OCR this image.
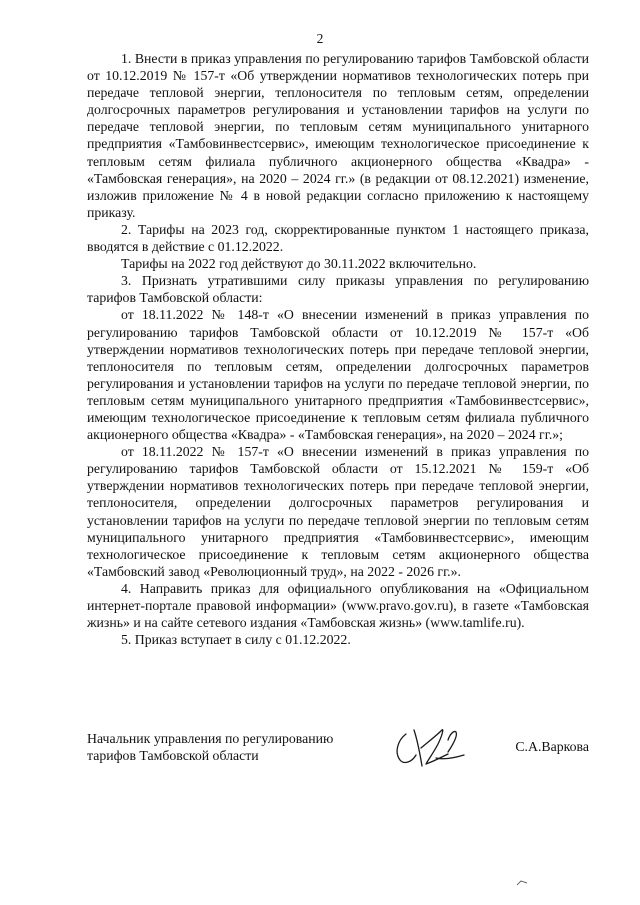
2

1. Внести в приказ управления по регулированию тарифов Тамбовской области от 10.12.2019 № 157-т «Об утверждении нормативов технологических потерь при передаче тепловой энергии, теплоносителя по тепловым сетям, определении долгосрочных параметров регулирования и установлении тарифов на услуги по передаче тепловой энергии, по тепловым сетям муниципального унитарного предприятия «Тамбовинвестсервис», имеющим технологическое присоединение к тепловым сетям филиала публичного акционерного общества «Квадра» - «Тамбовская генерация», на 2020 – 2024 гг.» (в редакции от 08.12.2021) изменение, изложив приложение № 4 в новой редакции согласно приложению к настоящему приказу.

2. Тарифы на 2023 год, скорректированные пунктом 1 настоящего приказа, вводятся в действие с 01.12.2022.

Тарифы на 2022 год действуют до 30.11.2022 включительно.

3. Признать утратившими силу приказы управления по регулированию тарифов Тамбовской области:

от 18.11.2022 № 148-т «О внесении изменений в приказ управления по регулированию тарифов Тамбовской области от 10.12.2019 № 157-т «Об утверждении нормативов технологических потерь при передаче тепловой энергии, теплоносителя по тепловым сетям, определении долгосрочных параметров регулирования и установлении тарифов на услуги по передаче тепловой энергии, по тепловым сетям муниципального унитарного предприятия «Тамбовинвестсервис», имеющим технологическое присоединение к тепловым сетям филиала публичного акционерного общества «Квадра» - «Тамбовская генерация», на 2020 – 2024 гг.»;

от 18.11.2022 № 157-т «О внесении изменений в приказ управления по регулированию тарифов Тамбовской области от 15.12.2021 № 159-т «Об утверждении нормативов технологических потерь при передаче тепловой энергии, теплоносителя, определении долгосрочных параметров регулирования и установлении тарифов на услуги по передаче тепловой энергии по тепловым сетям муниципального унитарного предприятия «Тамбовинвестсервис», имеющим технологическое присоединение к тепловым сетям акционерного общества «Тамбовский завод «Революционный труд», на 2022 - 2026 гг.».

4. Направить приказ для официального опубликования на «Официальном интернет-портале правовой информации» (www.pravo.gov.ru), в газете «Тамбовская жизнь» и на сайте сетевого издания «Тамбовская жизнь» (www.tamlife.ru).

5. Приказ вступает в силу с 01.12.2022.

Начальник управления по регулированию
тарифов Тамбовской области
С.А.Варкова
